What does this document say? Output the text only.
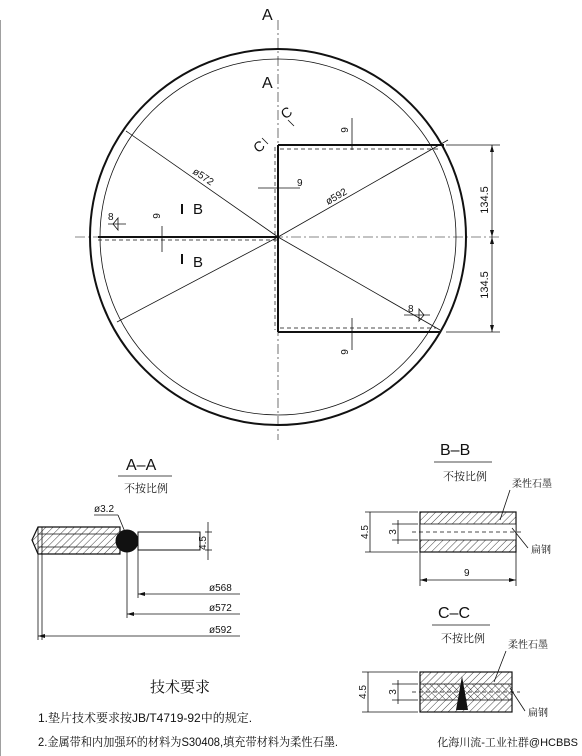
134.5
134.5
A
A
C
C
9
9
9
B
B
9
ø572
ø592
8
8
A–A
不按比例
4.5
ø3.2
ø568
ø572
ø592
B–B
不按比例
柔性石墨
扁钢
4.5 3
9
C–C
不按比例
柔性石墨
扁钢
4.5 3
技术要求
1.垫片技术要求按JB/T4719-92中的规定.
2.金属带和内加强环的材料为S30408,填充带材料为柔性石墨.	化海川流-工业社群@HCBBS
